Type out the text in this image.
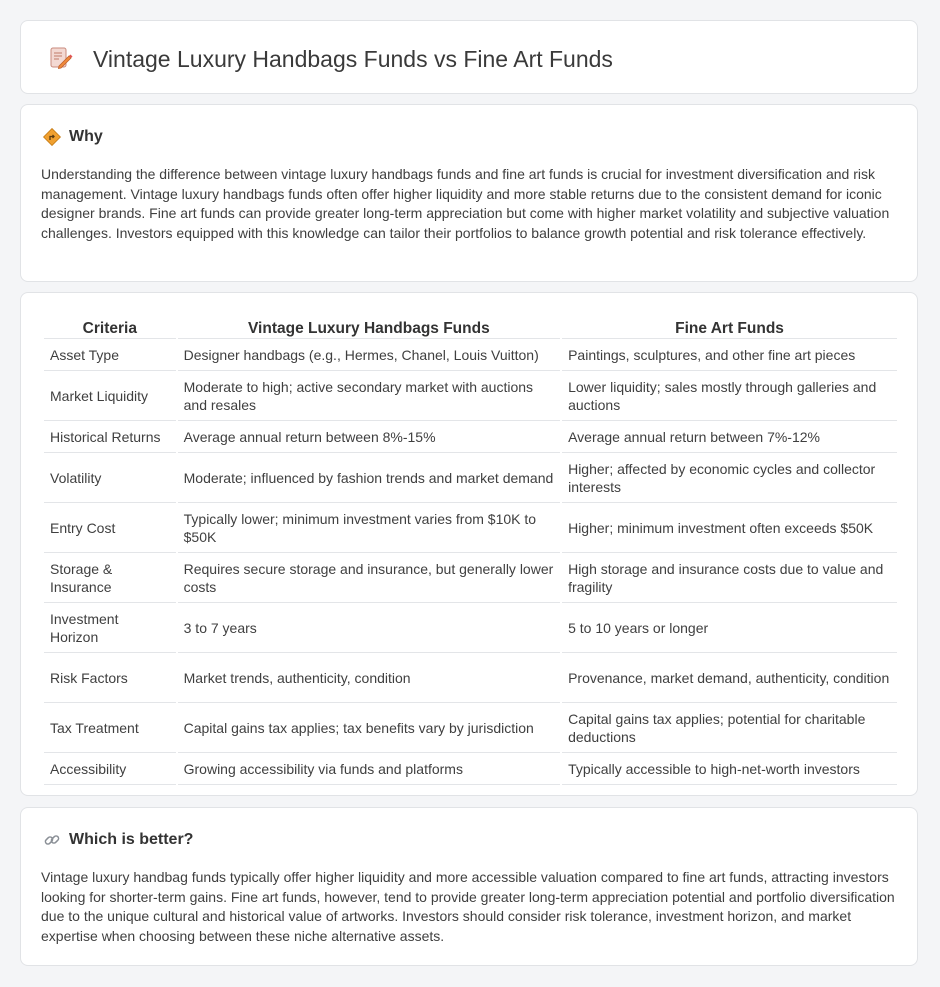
Vintage Luxury Handbags Funds vs Fine Art Funds
Why

Understanding the difference between vintage luxury handbags funds and fine art funds is crucial for investment diversification and risk management. Vintage luxury handbags funds often offer higher liquidity and more stable returns due to the consistent demand for iconic designer brands. Fine art funds can provide greater long-term appreciation but come with higher market volatility and subjective valuation challenges. Investors equipped with this knowledge can tailor their portfolios to balance growth potential and risk tolerance effectively.

Criteria	Vintage Luxury Handbags Funds	Fine Art Funds
Asset Type	Designer handbags (e.g., Hermes, Chanel, Louis Vuitton)	Paintings, sculptures, and other fine art pieces
Market Liquidity	Moderate to high; active secondary market with auctions and resales	Lower liquidity; sales mostly through galleries and auctions
Historical Returns	Average annual return between 8%-15%	Average annual return between 7%-12%
Volatility	Moderate; influenced by fashion trends and market demand	Higher; affected by economic cycles and collector interests
Entry Cost	Typically lower; minimum investment varies from $10K to $50K	Higher; minimum investment often exceeds $50K
Storage & Insurance	Requires secure storage and insurance, but generally lower costs	High storage and insurance costs due to value and fragility
Investment Horizon	3 to 7 years	5 to 10 years or longer
Risk Factors	Market trends, authenticity, condition	Provenance, market demand, authenticity, condition
Tax Treatment	Capital gains tax applies; tax benefits vary by jurisdiction	Capital gains tax applies; potential for charitable deductions
Accessibility	Growing accessibility via funds and platforms	Typically accessible to high-net-worth investors
Which is better?

Vintage luxury handbag funds typically offer higher liquidity and more accessible valuation compared to fine art funds, attracting investors looking for shorter-term gains. Fine art funds, however, tend to provide greater long-term appreciation potential and portfolio diversification due to the unique cultural and historical value of artworks. Investors should consider risk tolerance, investment horizon, and market expertise when choosing between these niche alternative assets.
